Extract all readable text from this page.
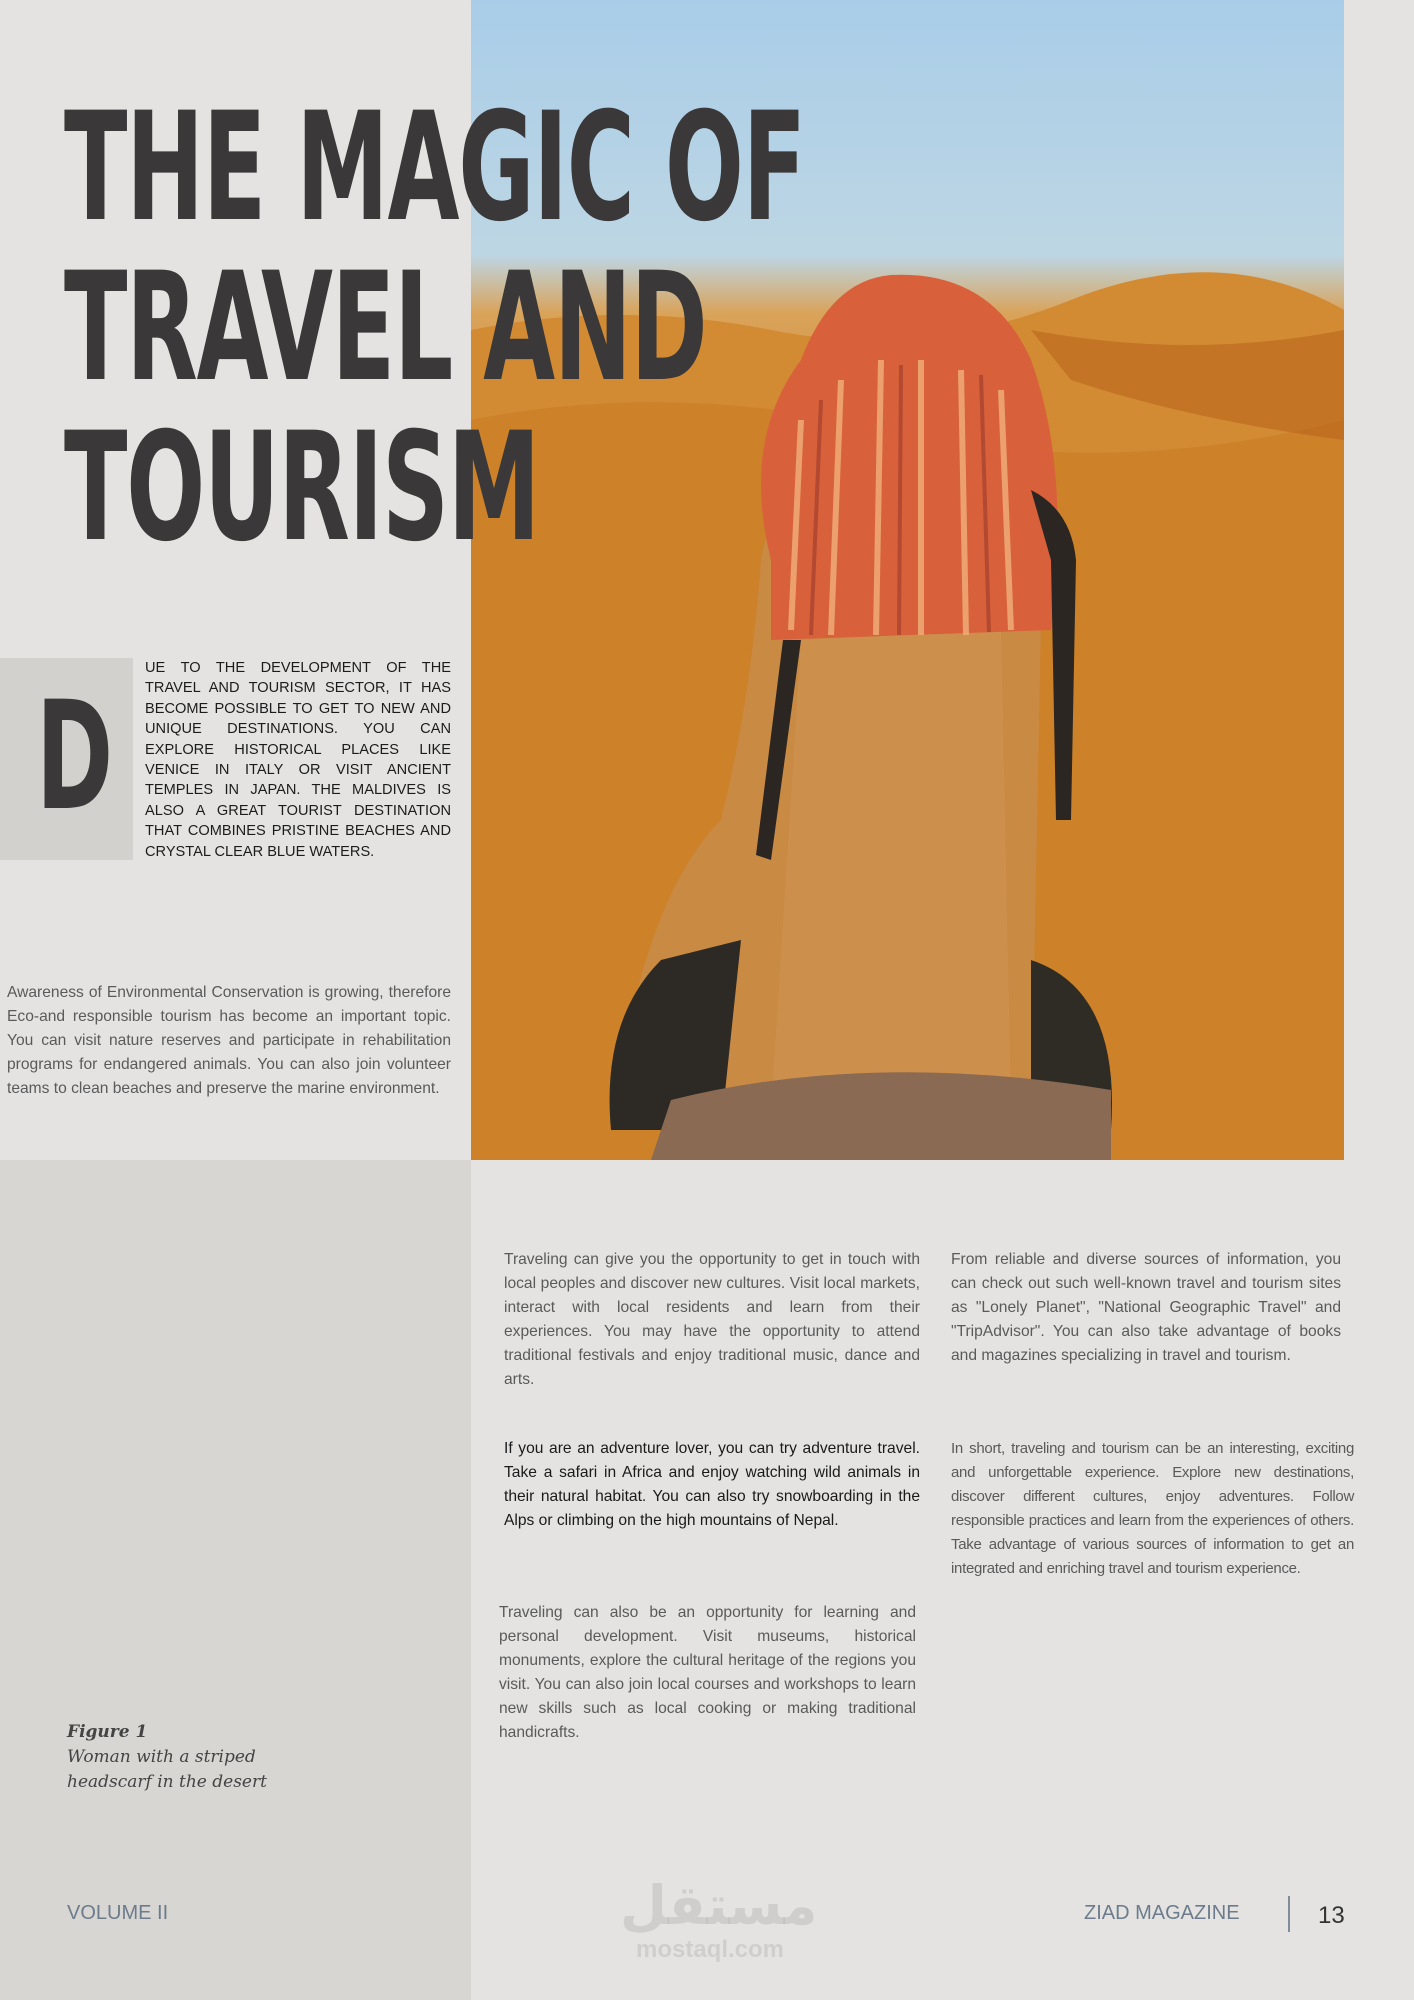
THE MAGIC OF
TRAVEL AND
TOURISM
D

UE TO THE DEVELOPMENT OF THE TRAVEL AND TOURISM SECTOR, IT HAS BECOME POSSIBLE TO GET TO NEW AND UNIQUE DESTINATIONS. YOU CAN EXPLORE HISTORICAL PLACES LIKE VENICE IN ITALY OR VISIT ANCIENT TEMPLES IN JAPAN. THE MALDIVES IS ALSO A GREAT TOURIST DESTINATION THAT COMBINES PRISTINE BEACHES AND CRYSTAL CLEAR BLUE WATERS.

Awareness of Environmental Conservation is growing, therefore Eco-and responsible tourism has become an important topic. You can visit nature reserves and participate in rehabilitation programs for endangered animals. You can also join volunteer teams to clean beaches and preserve the marine environment.

Traveling can give you the opportunity to get in touch with local peoples and discover new cultures. Visit local markets, interact with local residents and learn from their experiences. You may have the opportunity to attend traditional festivals and enjoy traditional music, dance and arts.

If you are an adventure lover, you can try adventure travel. Take a safari in Africa and enjoy watching wild animals in their natural habitat. You can also try snowboarding in the Alps or climbing on the high mountains of Nepal.

Traveling can also be an opportunity for learning and personal development. Visit museums, historical monuments, explore the cultural heritage of the regions you visit. You can also join local courses and workshops to learn new skills such as local cooking or making traditional handicrafts.

From reliable and diverse sources of information, you can check out such well-known travel and tourism sites as "Lonely Planet", "National Geographic Travel" and "TripAdvisor". You can also take advantage of books and magazines specializing in travel and tourism.

In short, traveling and tourism can be an interesting, exciting and unforgettable experience. Explore new destinations, discover different cultures, enjoy adventures. Follow responsible practices and learn from the experiences of others. Take advantage of various sources of information to get an integrated and enriching travel and tourism experience.

Figure 1
Woman with a striped
headscarf in the desert
مستقل
mostaql.com
VOLUME II	ZIAD MAGAZINE	13
